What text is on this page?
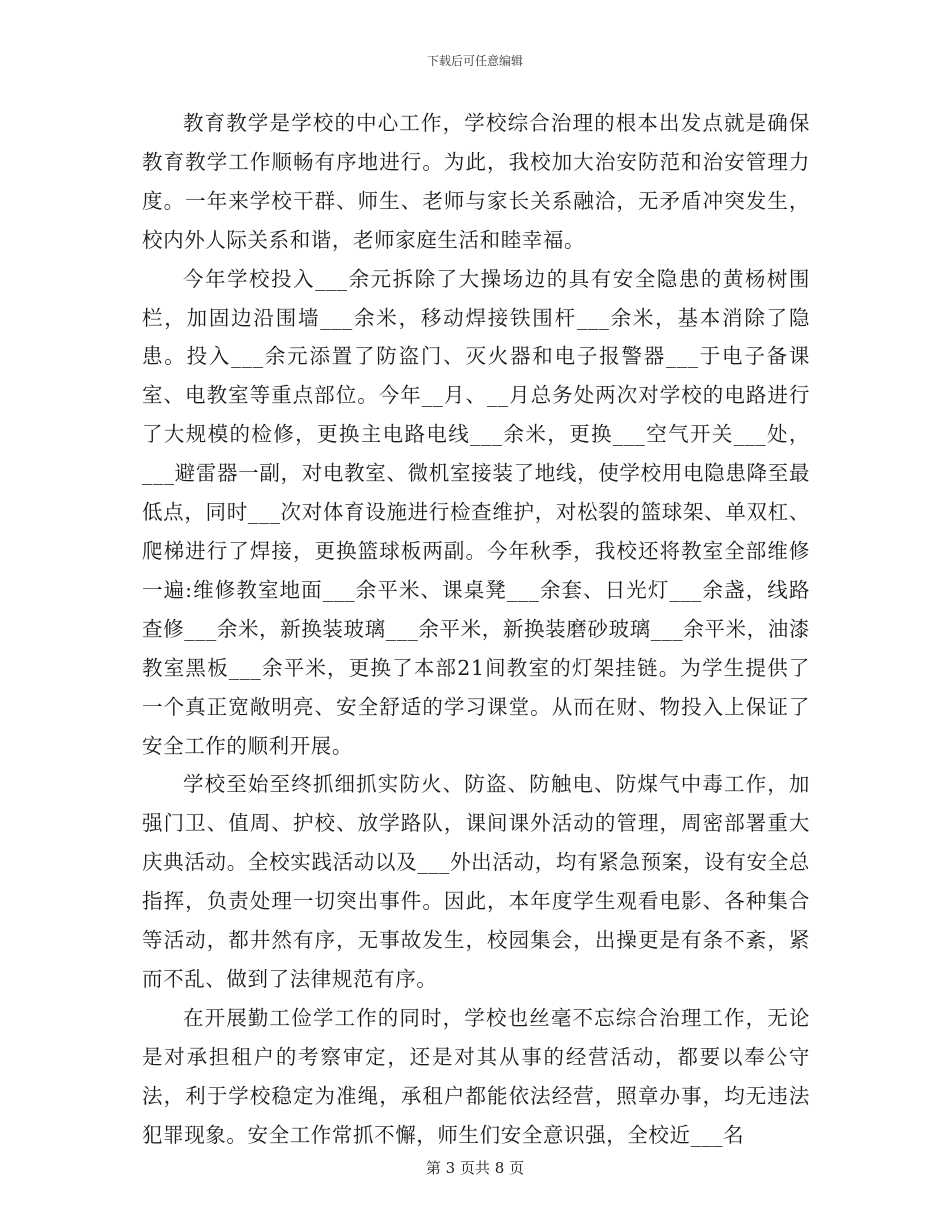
下载后可任意编辑

教育教学是学校的中心工作，学校综合治理的根本出发点就是确保教育教学工作顺畅有序地进行。为此，我校加大治安防范和治安管理力度。一年来学校干群、师生、老师与家长关系融洽，无矛盾冲突发生，校内外人际关系和谐，老师家庭生活和睦幸福。

今年学校投入___余元拆除了大操场边的具有安全隐患的黄杨树围栏，加固边沿围墙___余米，移动焊接铁围杆___余米，基本消除了隐患。投入___余元添置了防盗门、灭火器和电子报警器___于电子备课室、电教室等重点部位。今年__月、__月总务处两次对学校的电路进行了大规模的检修，更换主电路电线___余米，更换___空气开关___处，___避雷器一副，对电教室、微机室接装了地线，使学校用电隐患降至最低点，同时___次对体育设施进行检查维护，对松裂的篮球架、单双杠、爬梯进行了焊接，更换篮球板两副。今年秋季，我校还将教室全部维修一遍:维修教室地面___余平米、课桌凳___余套、日光灯___余盏，线路查修___余米，新换装玻璃___余平米，新换装磨砂玻璃___余平米，油漆教室黑板___余平米，更换了本部21间教室的灯架挂链。为学生提供了一个真正宽敞明亮、安全舒适的学习课堂。从而在财、物投入上保证了安全工作的顺利开展。

学校至始至终抓细抓实防火、防盗、防触电、防煤气中毒工作，加强门卫、值周、护校、放学路队，课间课外活动的管理，周密部署重大庆典活动。全校实践活动以及___外出活动，均有紧急预案，设有安全总指挥，负责处理一切突出事件。因此，本年度学生观看电影、各种集合等活动，都井然有序，无事故发生，校园集会，出操更是有条不紊，紧而不乱、做到了法律规范有序。

在开展勤工俭学工作的同时，学校也丝毫不忘综合治理工作，无论是对承担租户的考察审定，还是对其从事的经营活动，都要以奉公守法，利于学校稳定为准绳，承租户都能依法经营，照章办事，均无违法犯罪现象。安全工作常抓不懈，师生们安全意识强，全校近___名

第 3 页共 8 页
